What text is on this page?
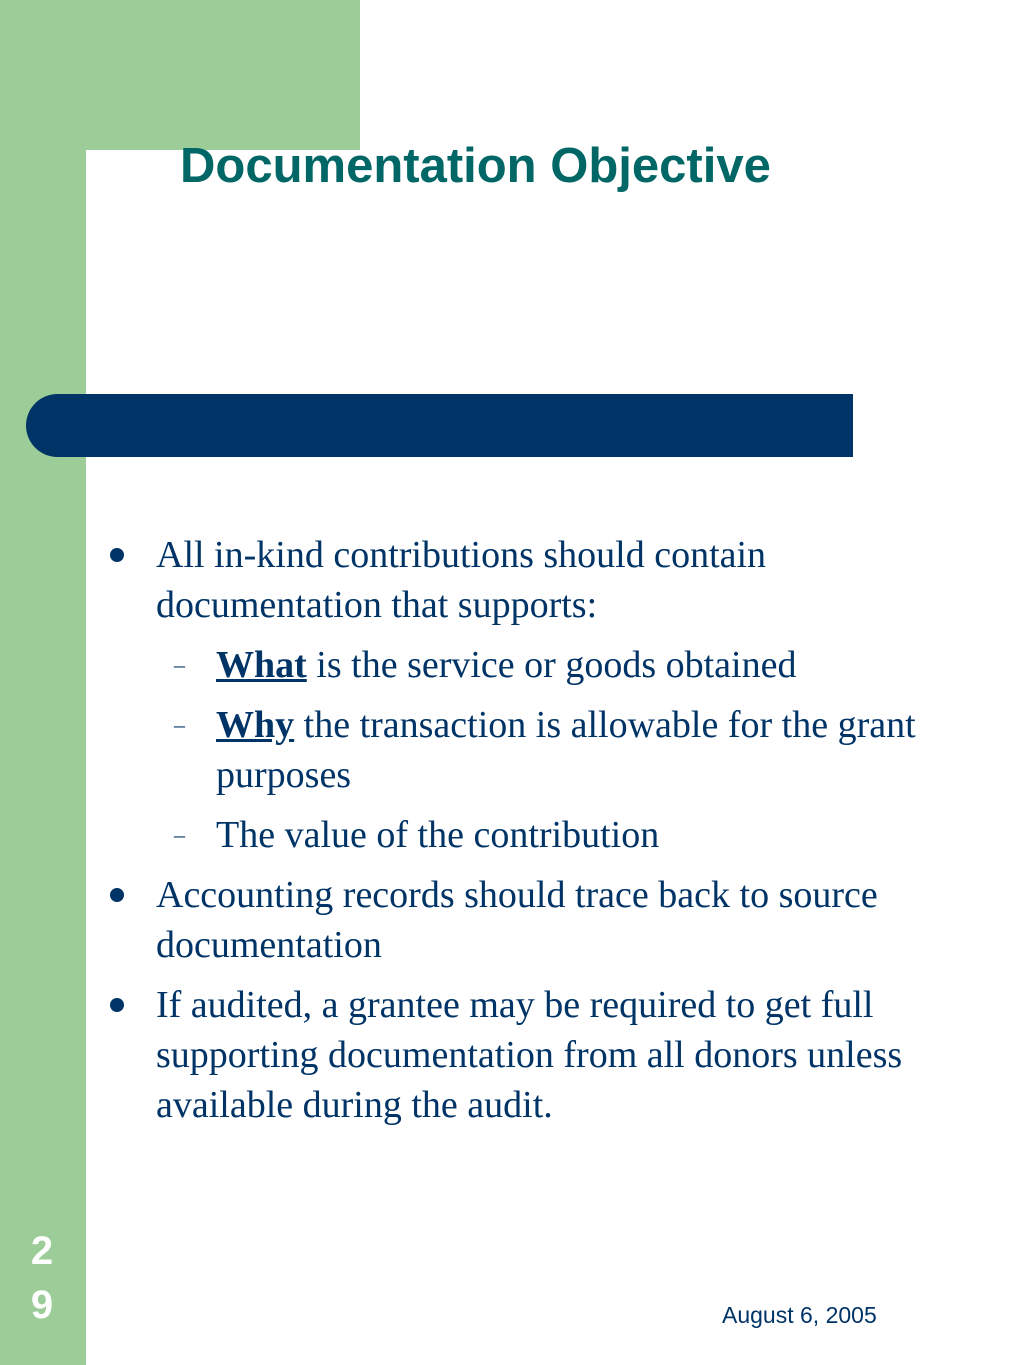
Documentation Objective
All in-kind contributions should contain documentation that supports:
– What is the service or goods obtained
– Why the transaction is allowable for the grant purposes
– The value of the contribution
Accounting records should trace back to source documentation
If audited, a grantee may be required to get full supporting documentation from all donors unless available during the audit.
2
9	August 6, 2005
